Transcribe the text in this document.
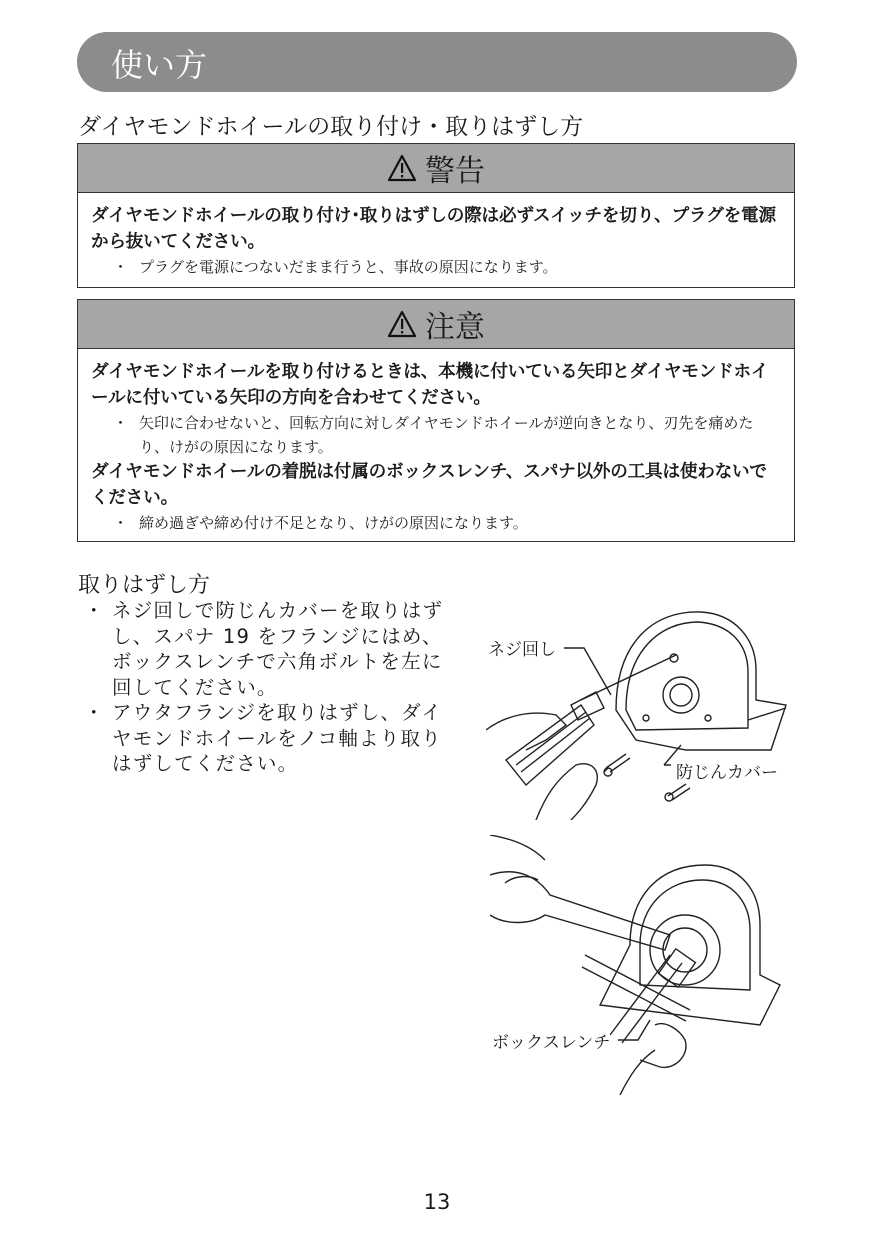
使い方
ダイヤモンドホイールの取り付け・取りはずし方
警告
ダイヤモンドホイールの取り付け･取りはずしの際は必ずスイッチを切り、プラグを電源から抜いてください。
・ プラグを電源につないだまま行うと、事故の原因になります。
注意
ダイヤモンドホイールを取り付けるときは、本機に付いている矢印とダイヤモンドホイールに付いている矢印の方向を合わせてください。
・ 矢印に合わせないと、回転方向に対しダイヤモンドホイールが逆向きとなり、刃先を痛めたり、けがの原因になります。
ダイヤモンドホイールの着脱は付属のボックスレンチ、スパナ以外の工具は使わないでください。
・ 締め過ぎや締め付け不足となり、けがの原因になります。
取りはずし方
・ ネジ回しで防じんカバーを取りはずし、スパナ 19 をフランジにはめ、ボックスレンチで六角ボルトを左に回してください。
・ アウタフランジを取りはずし、ダイヤモンドホイールをノコ軸より取りはずしてください。
ネジ回し
防じんカバー
ボックスレンチ
13
